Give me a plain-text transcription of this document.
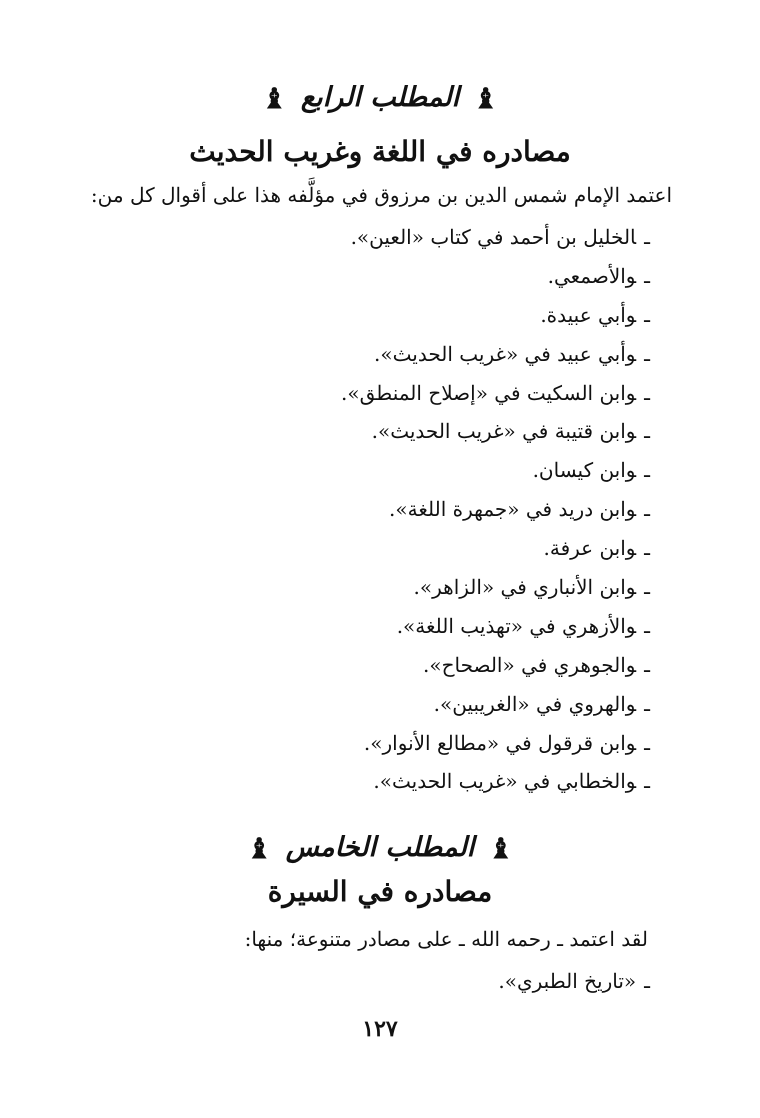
♝المطلب الرابع♝
مصادره في اللغة وغريب الحديث
اعتمد الإمام شمس الدين بن مرزوق في مؤلَّفه هذا على أقوال كل من:
ـالخليل بن أحمد في كتاب «العين».
ـوالأصمعي.
ـوأبي عبيدة.
ـوأبي عبيد في «غريب الحديث».
ـوابن السكيت في «إصلاح المنطق».
ـوابن قتيبة في «غريب الحديث».
ـوابن كيسان.
ـوابن دريد في «جمهرة اللغة».
ـوابن عرفة.
ـوابن الأنباري في «الزاهر».
ـوالأزهري في «تهذيب اللغة».
ـوالجوهري في «الصحاح».
ـوالهروي في «الغريبين».
ـوابن قرقول في «مطالع الأنوار».
ـوالخطابي في «غريب الحديث».
♝المطلب الخامس♝
مصادره في السيرة
لقد اعتمد ـ رحمه الله ـ على مصادر متنوعة؛ منها:
ـ«تاريخ الطبري».
١٢٧
